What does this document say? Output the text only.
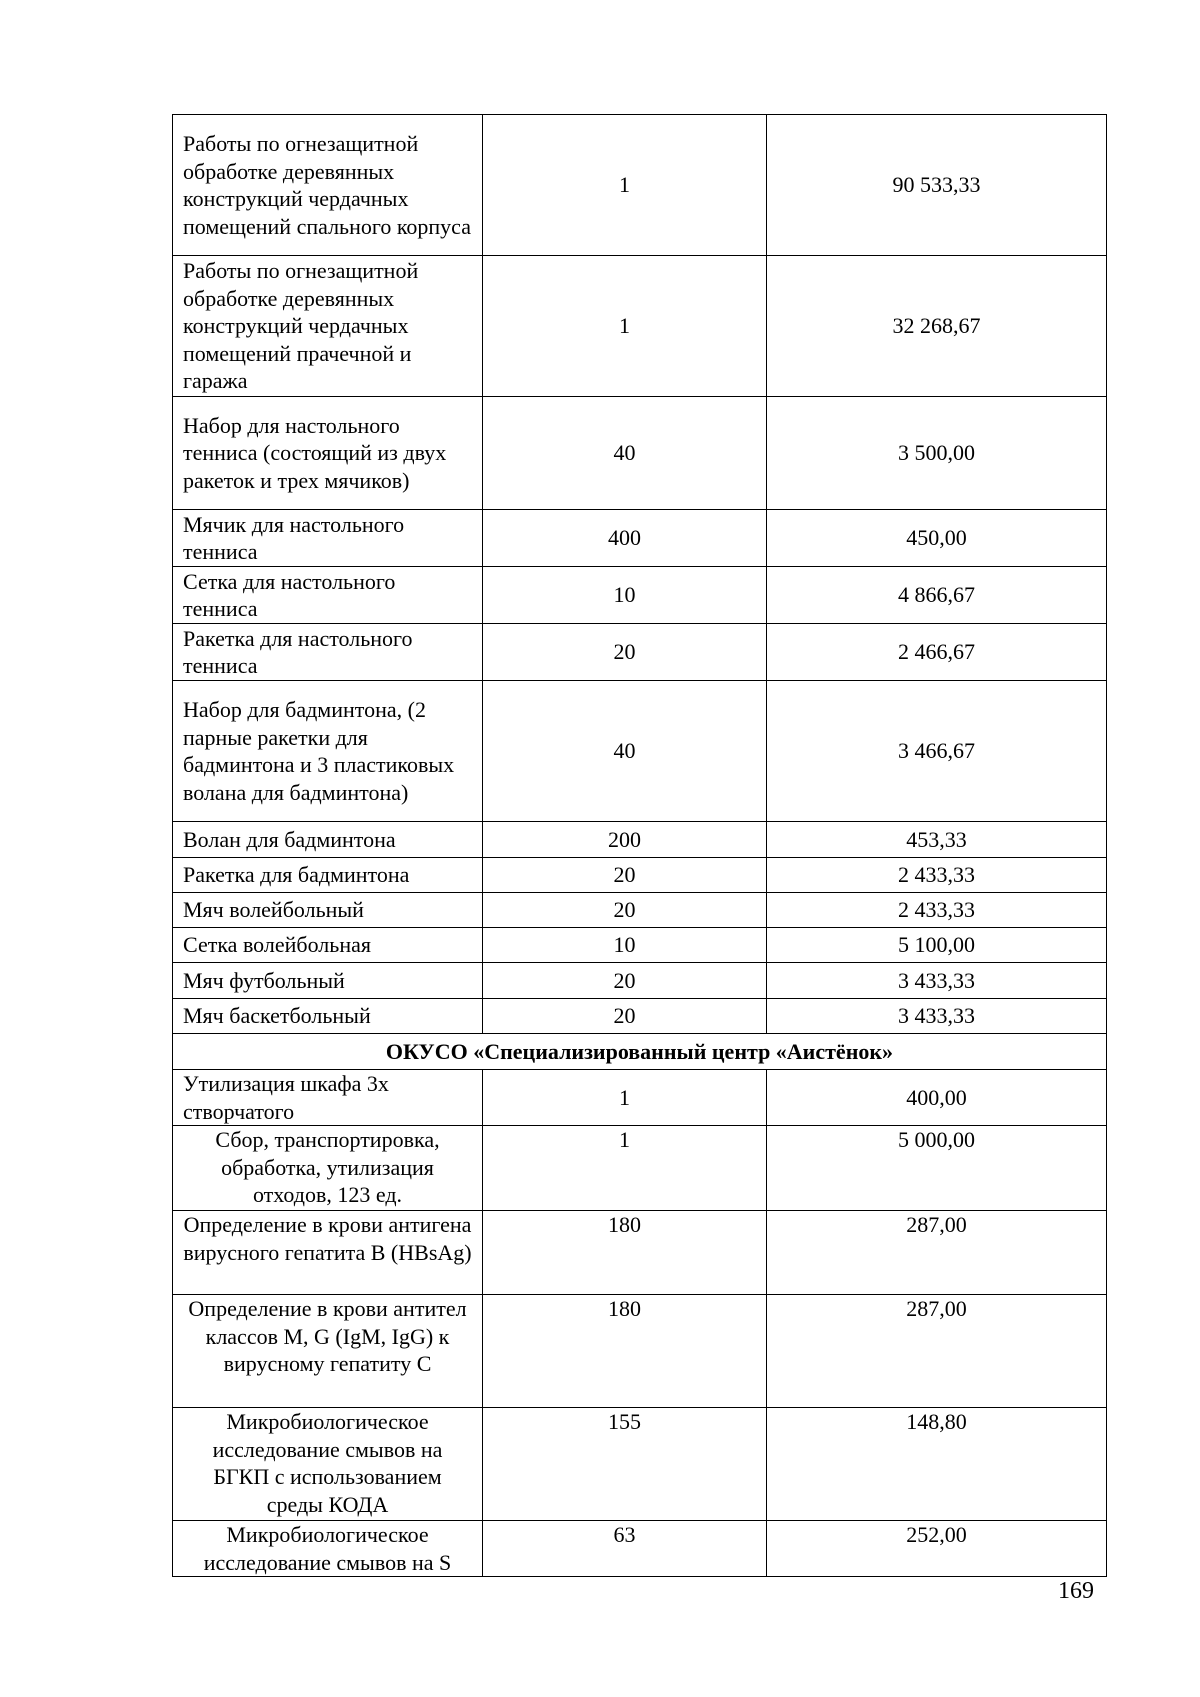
Работы по огнезащитной обработке деревянных конструкций чердачных помещений спального корпуса	1	90 533,33
Работы по огнезащитной обработке деревянных конструкций чердачных помещений прачечной и гаража	1	32 268,67
Набор для настольного тенниса (состоящий из двух ракеток и трех мячиков)	40	3 500,00
Мячик для настольного тенниса	400	450,00
Сетка для настольного тенниса	10	4 866,67
Ракетка для настольного тенниса	20	2 466,67
Набор для бадминтона, (2 парные ракетки для бадминтона и 3 пластиковых волана для бадминтона)	40	3 466,67
Волан для бадминтона	200	453,33
Ракетка для бадминтона	20	2 433,33
Мяч волейбольный	20	2 433,33
Сетка волейбольная	10	5 100,00
Мяч футбольный	20	3 433,33
Мяч баскетбольный	20	3 433,33
ОКУСО «Специализированный центр «Аистёнок»		
Утилизация шкафа 3х створчатого	1	400,00
Сбор, транспортировка, обработка, утилизация отходов, 123 ед.	1	5 000,00
Определение в крови антигена вирусного гепатита В (HBsAg)	180	287,00
Определение в крови антител классов М, G (IgM, IgG) к вирусному гепатиту С	180	287,00
Микробиологическое исследование смывов на БГКП с использованием среды КОДА	155	148,80
Микробиологическое исследование смывов на S	63	252,00
169
